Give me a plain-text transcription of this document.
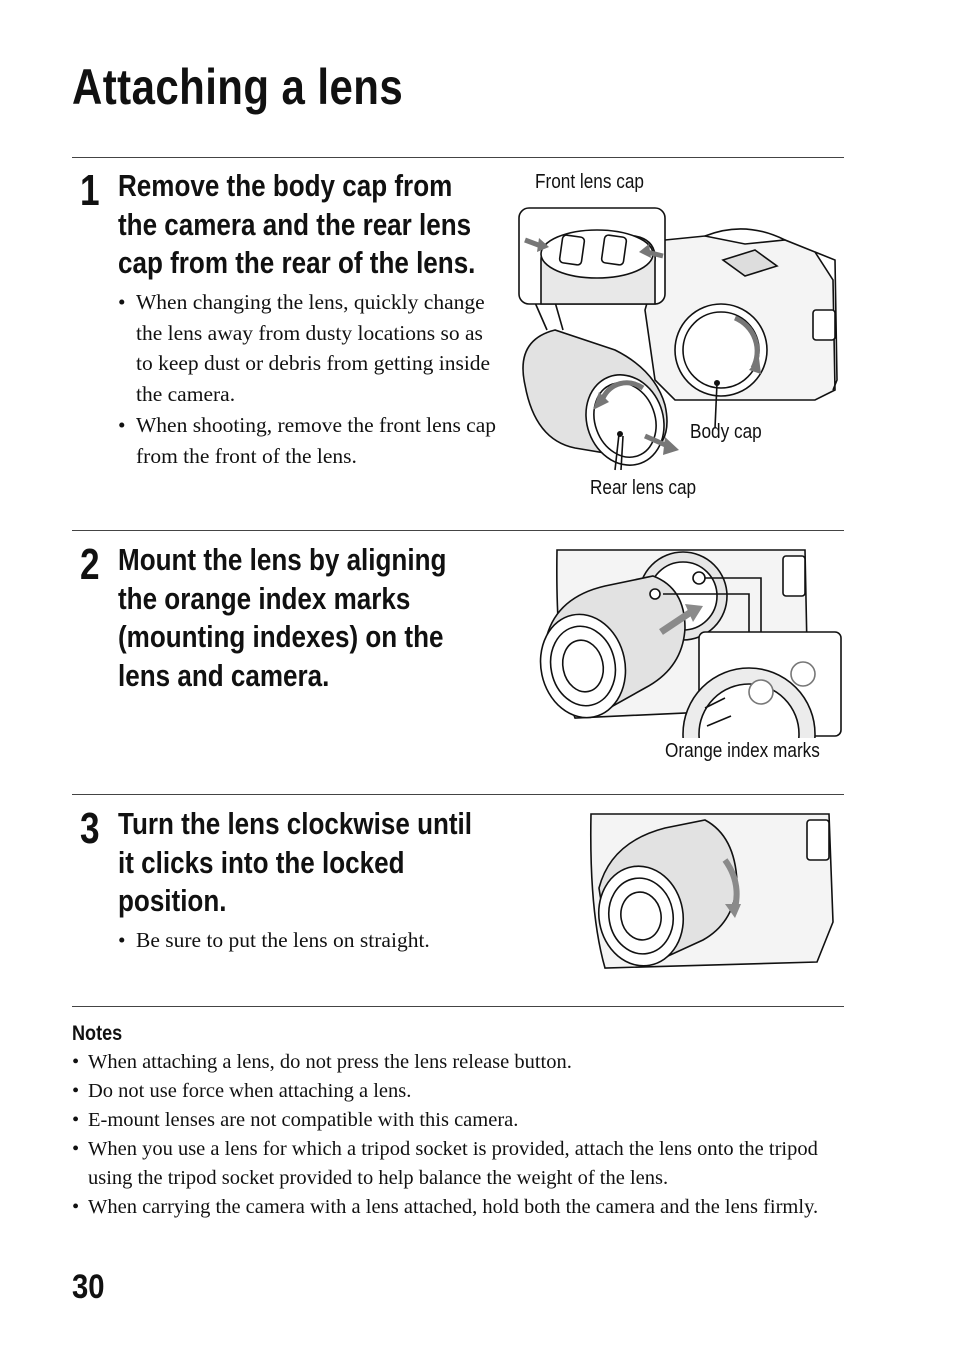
Attaching a lens
1 Remove the body cap from
the camera and the rear lens
cap from the rear of the lens.
• When changing the lens, quickly change the lens away from dusty locations so as to keep dust or debris from getting inside the camera.
• When shooting, remove the front lens cap from the front of the lens.
Front lens cap
Body cap
Rear lens cap
2 Mount the lens by aligning
the orange index marks
(mounting indexes) on the
lens and camera.
Orange index marks
3 Turn the lens clockwise until
it clicks into the locked
position.
• Be sure to put the lens on straight.
Notes
• When attaching a lens, do not press the lens release button.
• Do not use force when attaching a lens.
• E-mount lenses are not compatible with this camera.
• When you use a lens for which a tripod socket is provided, attach the lens onto the tripod using the tripod socket provided to help balance the weight of the lens.
• When carrying the camera with a lens attached, hold both the camera and the lens firmly.
30
